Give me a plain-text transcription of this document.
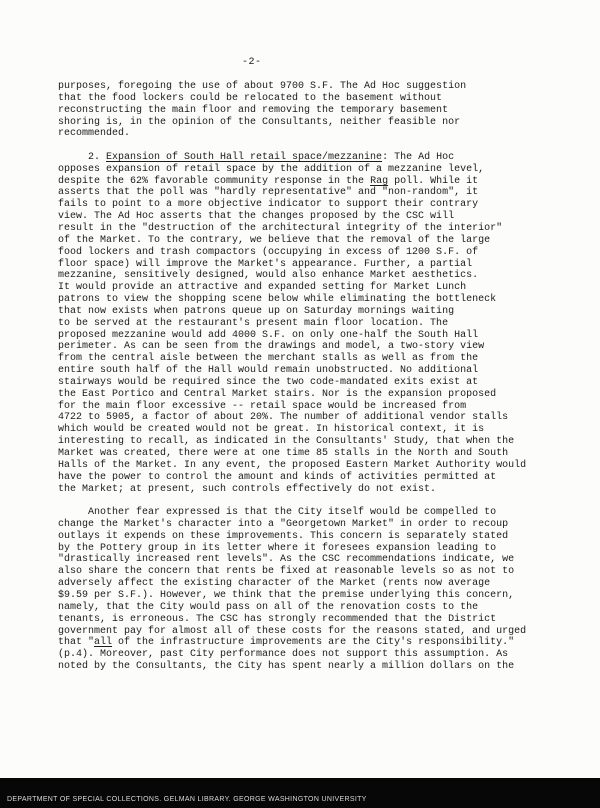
-2-
purposes, foregoing the use of about 9700 S.F. The Ad Hoc suggestion
that the food lockers could be relocated to the basement without
reconstructing the main floor and removing the temporary basement
shoring is, in the opinion of the Consultants, neither feasible nor
recommended.
2. Expansion of South Hall retail space/mezzanine: The Ad Hoc
opposes expansion of retail space by the addition of a mezzanine level,
despite the 62% favorable community response in the Rag poll. While it
asserts that the poll was "hardly representative" and "non-random", it
fails to point to a more objective indicator to support their contrary
view. The Ad Hoc asserts that the changes proposed by the CSC will
result in the "destruction of the architectural integrity of the interior"
of the Market. To the contrary, we believe that the removal of the large
food lockers and trash compactors (occupying in excess of 1200 S.F. of
floor space) will improve the Market's appearance. Further, a partial
mezzanine, sensitively designed, would also enhance Market aesthetics.
It would provide an attractive and expanded setting for Market Lunch
patrons to view the shopping scene below while eliminating the bottleneck
that now exists when patrons queue up on Saturday mornings waiting
to be served at the restaurant's present main floor location. The
proposed mezzanine would add 4000 S.F. on only one-half the South Hall
perimeter. As can be seen from the drawings and model, a two-story view
from the central aisle between the merchant stalls as well as from the
entire south half of the Hall would remain unobstructed. No additional
stairways would be required since the two code-mandated exits exist at
the East Portico and Central Market stairs. Nor is the expansion proposed
for the main floor excessive -- retail space would be increased from
4722 to 5905, a factor of about 20%. The number of additional vendor stalls
which would be created would not be great. In historical context, it is
interesting to recall, as indicated in the Consultants' Study, that when the
Market was created, there were at one time 85 stalls in the North and South
Halls of the Market. In any event, the proposed Eastern Market Authority would
have the power to control the amount and kinds of activities permitted at
the Market; at present, such controls effectively do not exist.
Another fear expressed is that the City itself would be compelled to
change the Market's character into a "Georgetown Market" in order to recoup
outlays it expends on these improvements. This concern is separately stated
by the Pottery group in its letter where it foresees expansion leading to
"drastically increased rent levels". As the CSC recommendations indicate, we
also share the concern that rents be fixed at reasonable levels so as not to
adversely affect the existing character of the Market (rents now average
$9.59 per S.F.). However, we think that the premise underlying this concern,
namely, that the City would pass on all of the renovation costs to the
tenants, is erroneous. The CSC has strongly recommended that the District
government pay for almost all of these costs for the reasons stated, and urged
that "all of the infrastructure improvements are the City's responsibility."
(p.4). Moreover, past City performance does not support this assumption. As
noted by the Consultants, the City has spent nearly a million dollars on the
DEPARTMENT OF SPECIAL COLLECTIONS. GELMAN LIBRARY. GEORGE WASHINGTON UNIVERSITY
